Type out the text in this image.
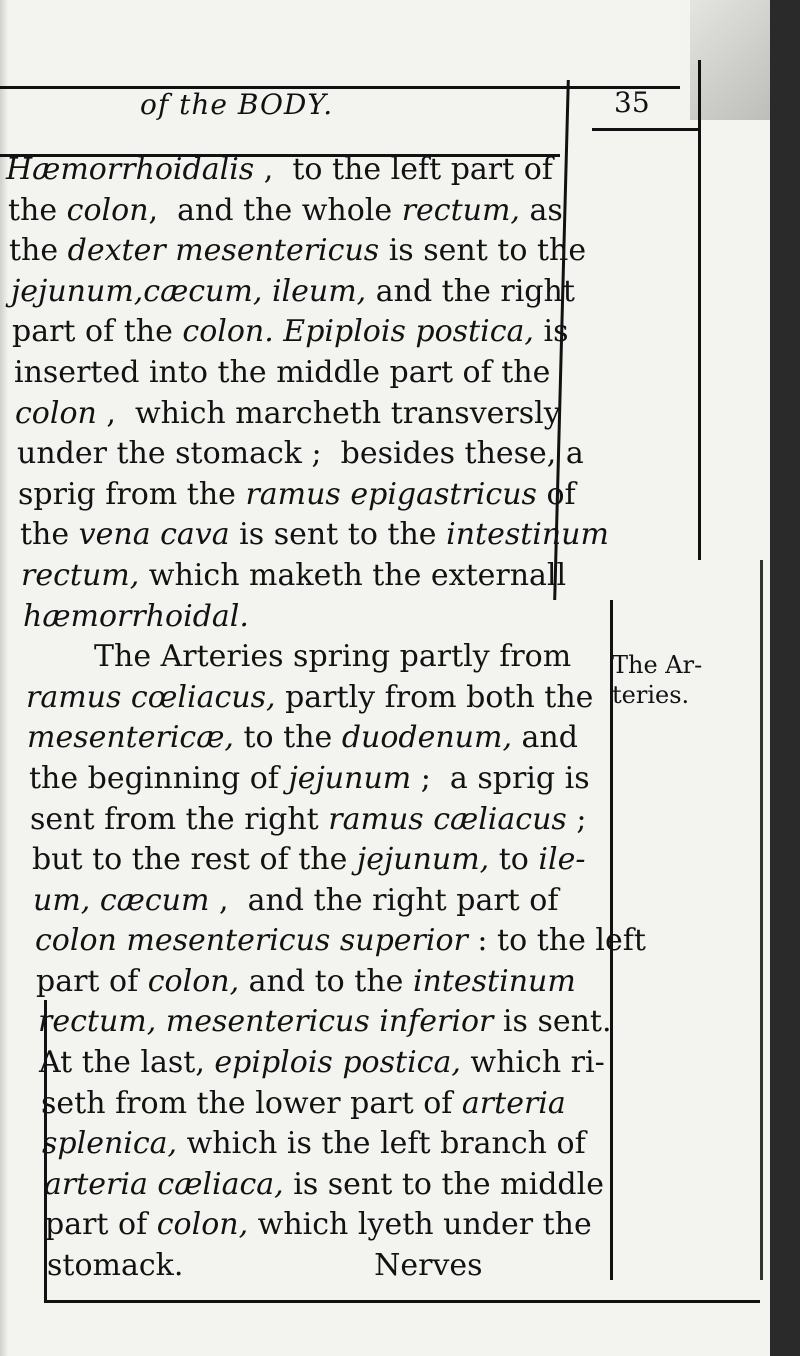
of the BODY.	35
Hæmorrhoidalis ,  to the left part of
the colon,  and the whole rectum, as
the dexter mesentericus is sent to the
jejunum,cæcum, ileum, and the right
part of the colon. Epiplois postica, is
inserted into the middle part of the
colon ,  which marcheth transversly
under the stomack ;  besides these, a
sprig from the ramus epigastricus of
the vena cava is sent to the intestinum
rectum, which maketh the externall
hæmorrhoidal.
The Arteries spring partly from
ramus cœliacus, partly from both the
mesentericæ, to the duodenum, and
the beginning of jejunum ;  a sprig is
sent from the right ramus cæliacus ;
but to the rest of the jejunum, to ile-
um, cæcum ,  and the right part of
colon mesentericus superior : to the left
part of colon, and to the intestinum
rectum, mesentericus inferior is sent.
At the last, epiplois postica, which ri-
seth from the lower part of arteria
splenica, which is the left branch of
arteria cæliaca, is sent to the middle
part of colon, which lyeth under the
stomack.                    Nerves
The Ar-
teries.
